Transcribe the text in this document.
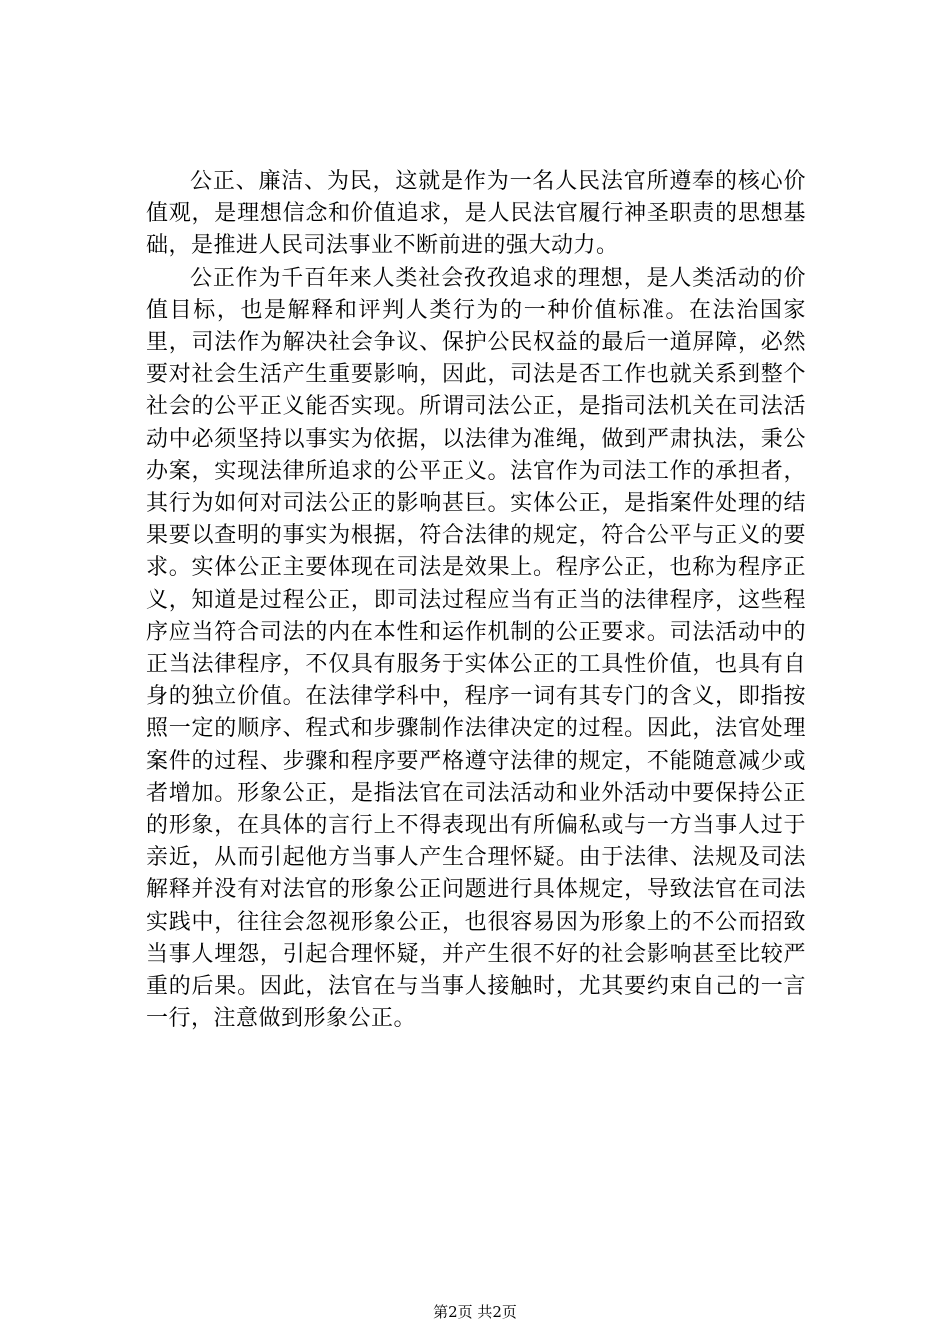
公正、廉洁、为民，这就是作为一名人民法官所遵奉的核心价值观，是理想信念和价值追求，是人民法官履行神圣职责的思想基础，是推进人民司法事业不断前进的强大动力。

公正作为千百年来人类社会孜孜追求的理想，是人类活动的价值目标，也是解释和评判人类行为的一种价值标准。在法治国家里，司法作为解决社会争议、保护公民权益的最后一道屏障，必然要对社会生活产生重要影响，因此，司法是否工作也就关系到整个社会的公平正义能否实现。所谓司法公正，是指司法机关在司法活动中必须坚持以事实为依据，以法律为准绳，做到严肃执法，秉公办案，实现法律所追求的公平正义。法官作为司法工作的承担者，其行为如何对司法公正的影响甚巨。实体公正，是指案件处理的结果要以查明的事实为根据，符合法律的规定，符合公平与正义的要求。实体公正主要体现在司法是效果上。程序公正，也称为程序正义，知道是过程公正，即司法过程应当有正当的法律程序，这些程序应当符合司法的内在本性和运作机制的公正要求。司法活动中的正当法律程序，不仅具有服务于实体公正的工具性价值，也具有自身的独立价值。在法律学科中，程序一词有其专门的含义，即指按照一定的顺序、程式和步骤制作法律决定的过程。因此，法官处理案件的过程、步骤和程序要严格遵守法律的规定，不能随意减少或者增加。形象公正，是指法官在司法活动和业外活动中要保持公正的形象，在具体的言行上不得表现出有所偏私或与一方当事人过于亲近，从而引起他方当事人产生合理怀疑。由于法律、法规及司法解释并没有对法官的形象公正问题进行具体规定，导致法官在司法实践中，往往会忽视形象公正，也很容易因为形象上的不公而招致当事人埋怨，引起合理怀疑，并产生很不好的社会影响甚至比较严重的后果。因此，法官在与当事人接触时，尤其要约束自己的一言一行，注意做到形象公正。

第2页 共2页
